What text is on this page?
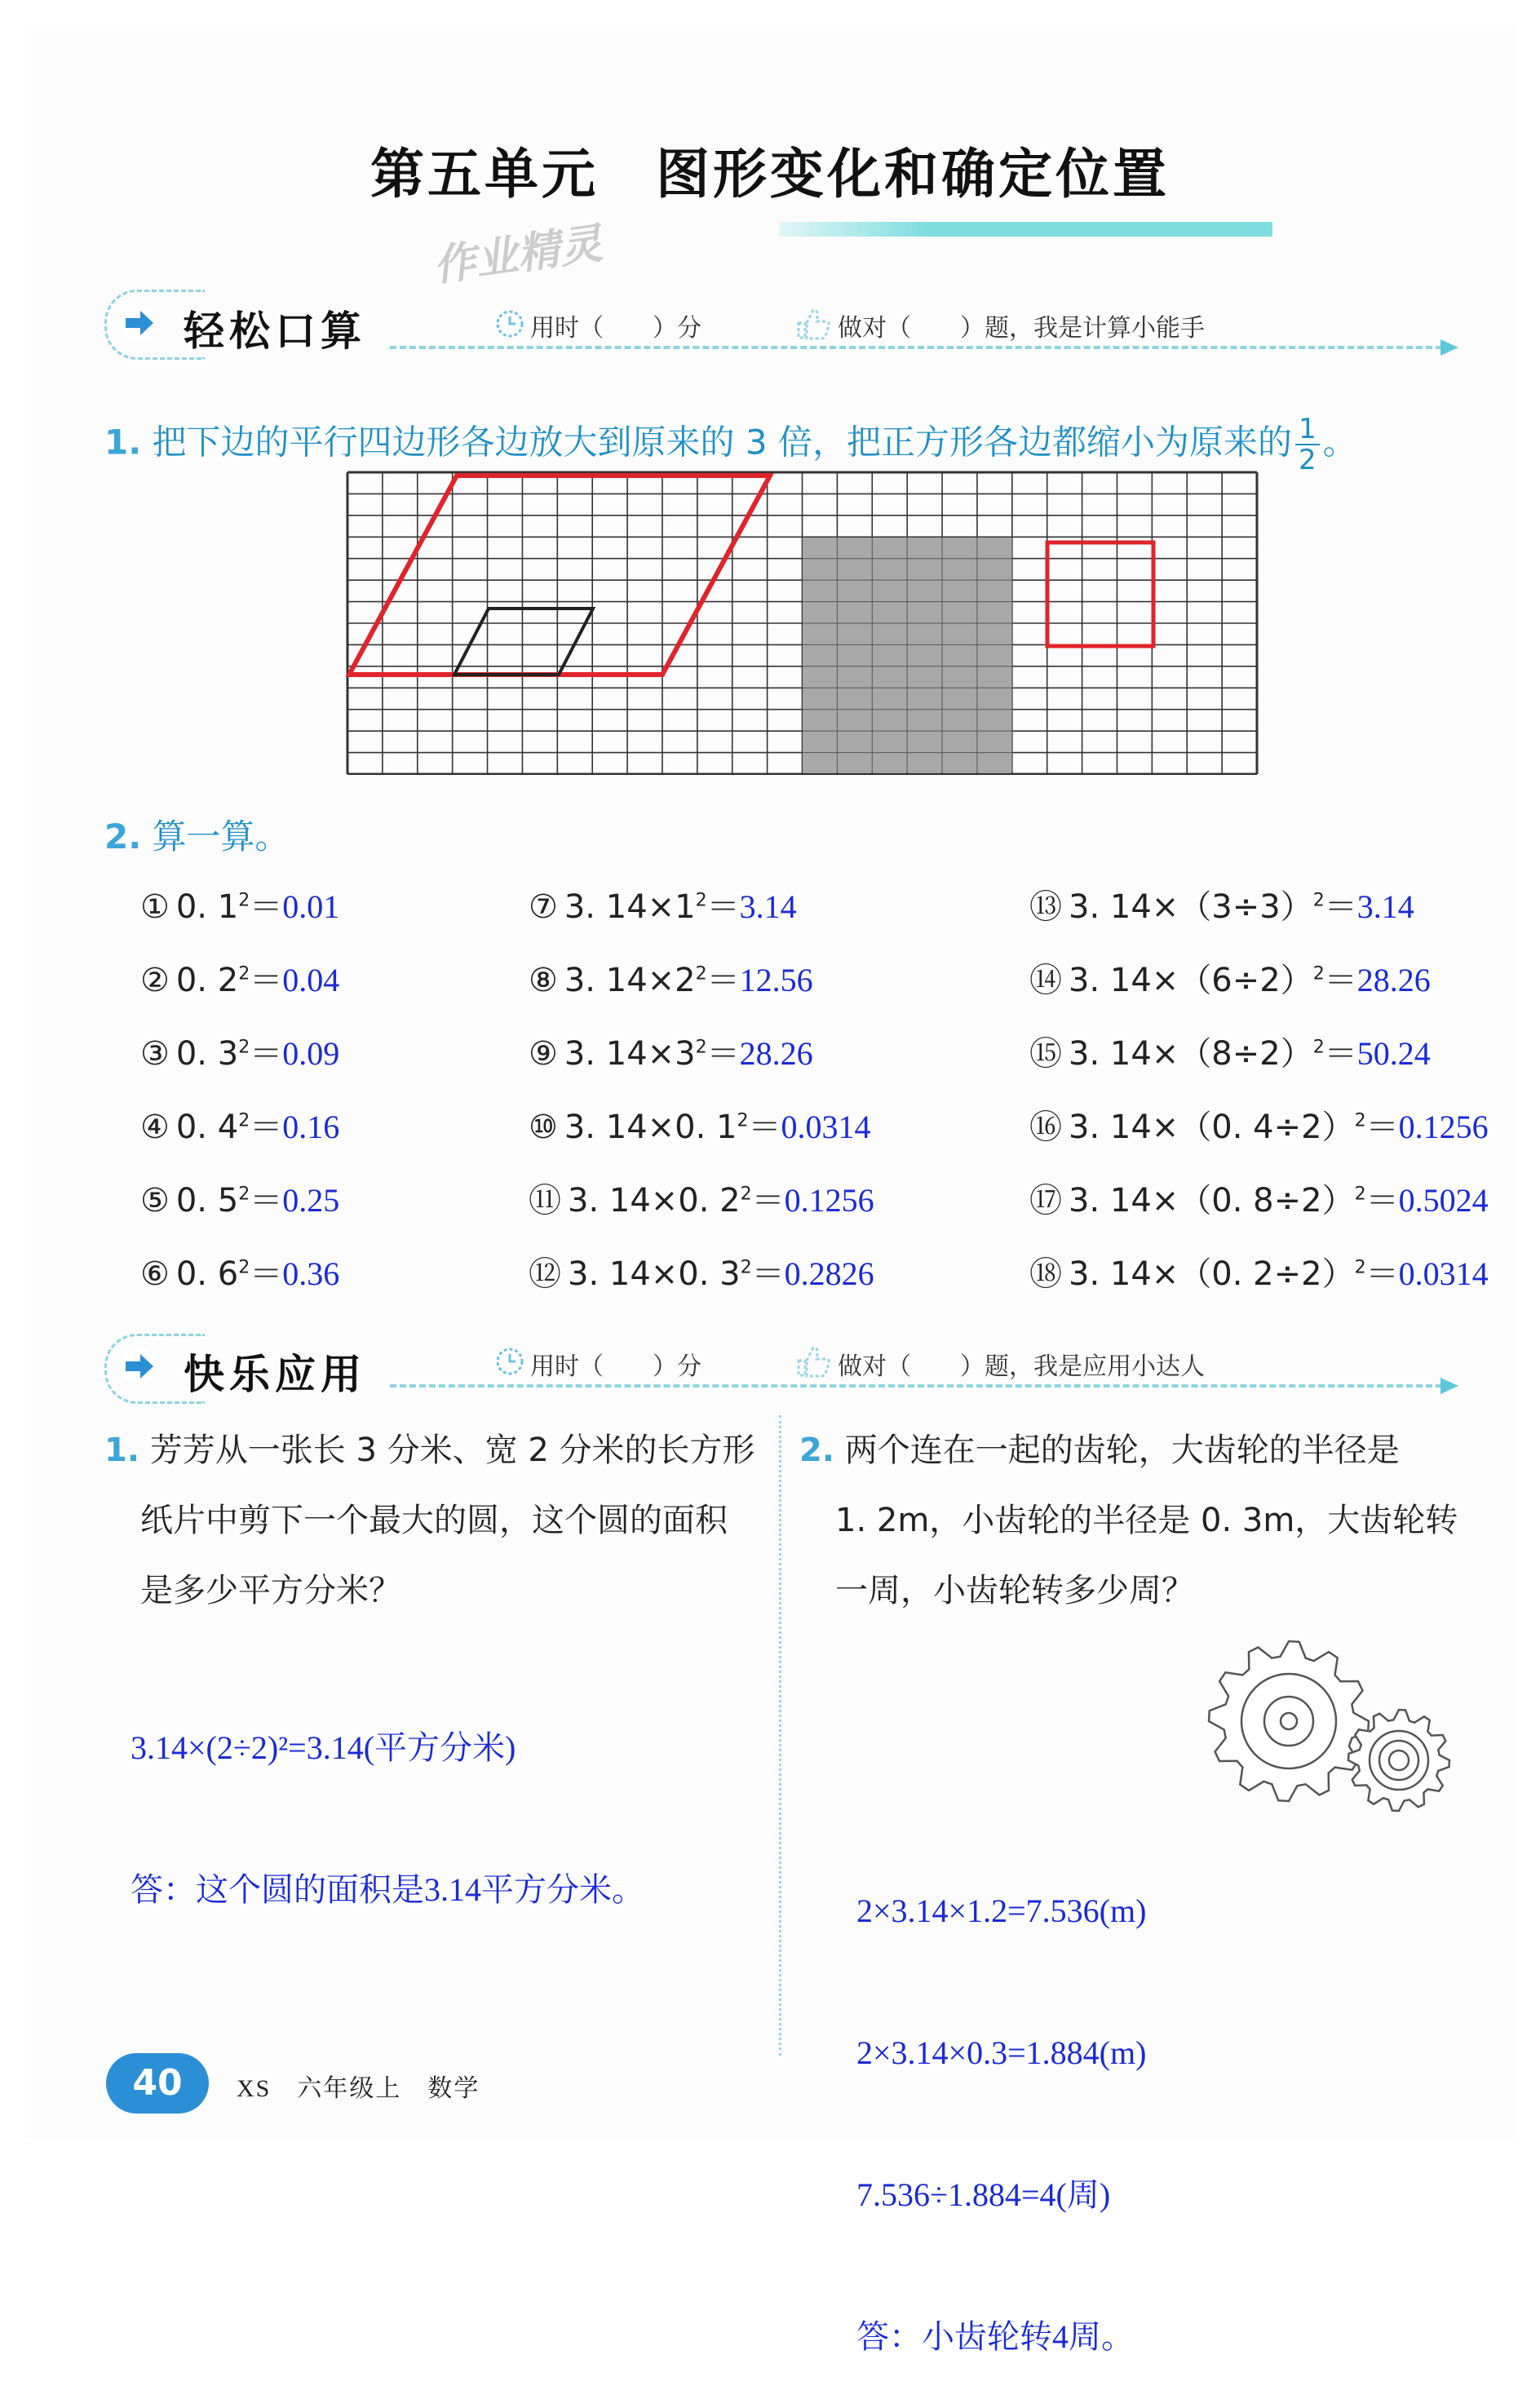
第五单元　图形变化和确定位置
作业精灵
轻松口算	用时（　　）分	做对（　　）题，我是计算小能手
1. 把下边的平行四边形各边放大到原来的 3 倍，把正方形各边都缩小为原来的 $\frac{1}{2}$ 。
2. 算一算。
① 0. $1^2=0.01$
② 0. $2^2=0.04$
③ 0. $3^2=0.09$
④ 0. $4^2=0.16$
⑤ 0. $5^2=0.25$
⑥ 0. $6^2=0.36$
⑦ 3. $14\times 1^2=3.14$
⑧ 3. $14\times 2^2=12.56$
⑨ 3. $14\times 3^2=28.26$
⑩ 3. 14×0. $1^2=0.0314$
⑪ 3. 14×0. $2^2=0.1256$
⑫ 3. 14×0. $3^2=0.2826$
⑬ 3. $14\times(3\div 3)^2=3.14$
⑭ 3. $14\times(6\div 2)^2=28.26$
⑮ 3. $14\times(8\div 2)^2=50.24$
⑯ 3. 14×（0. 4÷2）$^2$＝0.1256
⑰ 3. 14×（0. 8÷2）$^2$＝0.5024
⑱ 3. 14×（0. 2÷2）$^2$＝0.0314
快乐应用	用时（　　）分	做对（　　）题，我是应用小达人
1. 芳芳从一张长 3 分米、宽 2 分米的长方形
纸片中剪下一个最大的圆，这个圆的面积
是多少平方分米？

3.14×(2÷2)²=3.14(平方分米)

答：这个圆的面积是3.14平方分米。

2. 两个连在一起的齿轮，大齿轮的半径是
1. 2m，小齿轮的半径是 0. 3m，大齿轮转
一周，小齿轮转多少周？

2×3.14×1.2=7.536(m)

2×3.14×0.3=1.884(m)

7.536÷1.884=4(周)

答：小齿轮转4周。

40	XS　六年级上　数学
